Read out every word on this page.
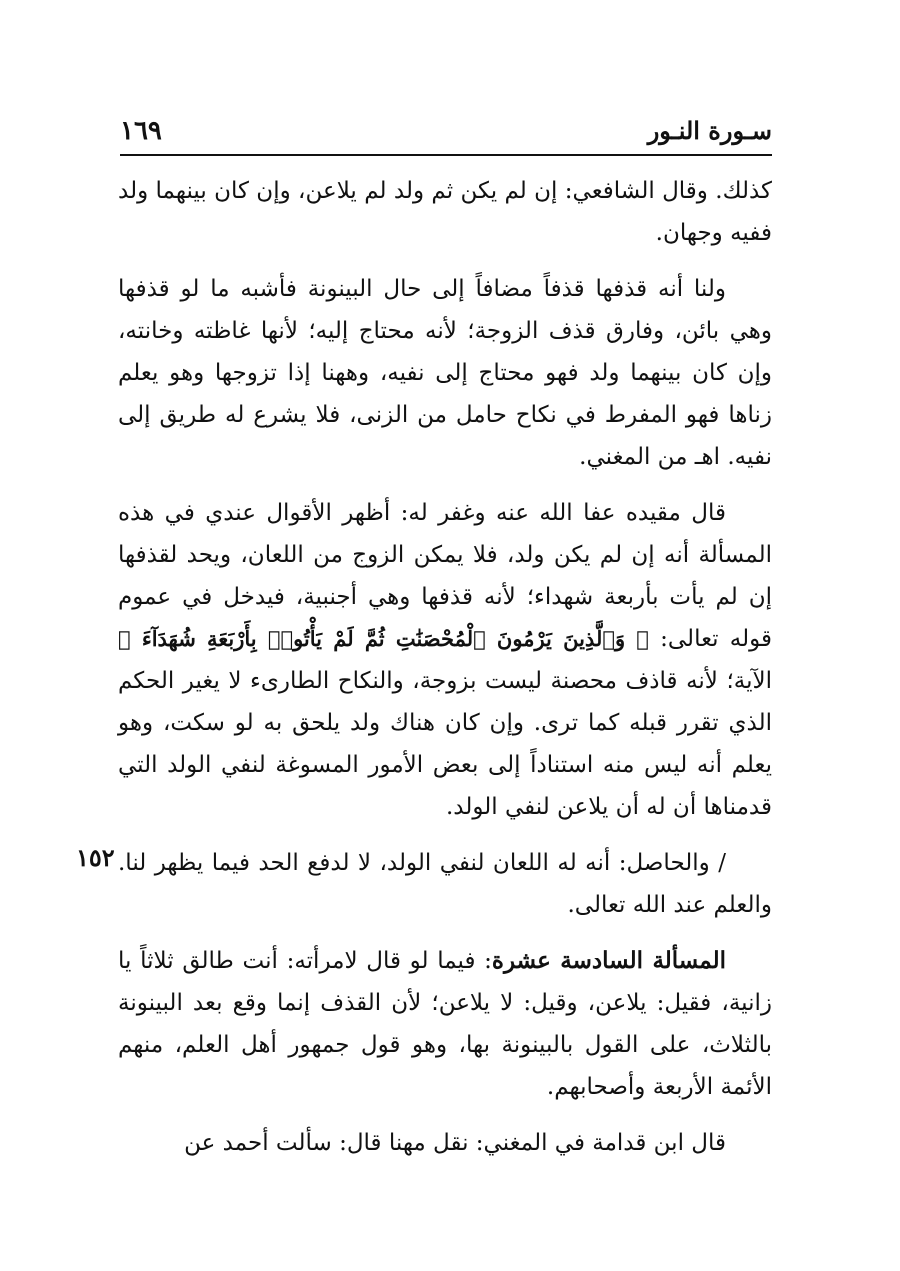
سـورة النـور
١٦٩

كذلك. وقال الشافعي: إن لم يكن ثم ولد لم يلاعن، وإن كان بينهما ولد ففيه وجهان.

ولنا أنه قذفها قذفاً مضافاً إلى حال البينونة فأشبه ما لو قذفها وهي بائن، وفارق قذف الزوجة؛ لأنه محتاج إليه؛ لأنها غاظته وخانته، وإن كان بينهما ولد فهو محتاج إلى نفيه، وههنا إذا تزوجها وهو يعلم زناها فهو المفرط في نكاح حامل من الزنى، فلا يشرع له طريق إلى نفيه. اهـ من المغني.

قال مقيده عفا الله عنه وغفر له: أظهر الأقوال عندي في هذه المسألة أنه إن لم يكن ولد، فلا يمكن الزوج من اللعان، ويحد لقذفها إن لم يأت بأربعة شهداء؛ لأنه قذفها وهي أجنبية، فيدخل في عموم قوله تعالى: ﴿ وَٱلَّذِينَ يَرْمُونَ ٱلْمُحْصَنَٰتِ ثُمَّ لَمْ يَأْتُوا۟ بِأَرْبَعَةِ شُهَدَآءَ ﴾ الآية؛ لأنه قاذف محصنة ليست بزوجة، والنكاح الطارىء لا يغير الحكم الذي تقرر قبله كما ترى. وإن كان هناك ولد يلحق به لو سكت، وهو يعلم أنه ليس منه استناداً إلى بعض الأمور المسوغة لنفي الولد التي قدمناها أن له أن يلاعن لنفي الولد.

/ والحاصل: أنه له اللعان لنفي الولد، لا لدفع الحد فيما يظهر لنا. والعلم عند الله تعالى.

المسألة السادسة عشرة: فيما لو قال لامرأته: أنت طالق ثلاثاً يا زانية، فقيل: يلاعن، وقيل: لا يلاعن؛ لأن القذف إنما وقع بعد البينونة بالثلاث، على القول بالبينونة بها، وهو قول جمهور أهل العلم، منهم الأئمة الأربعة وأصحابهم.

قال ابن قدامة في المغني: نقل مهنا قال: سألت أحمد عن

١٥٢
